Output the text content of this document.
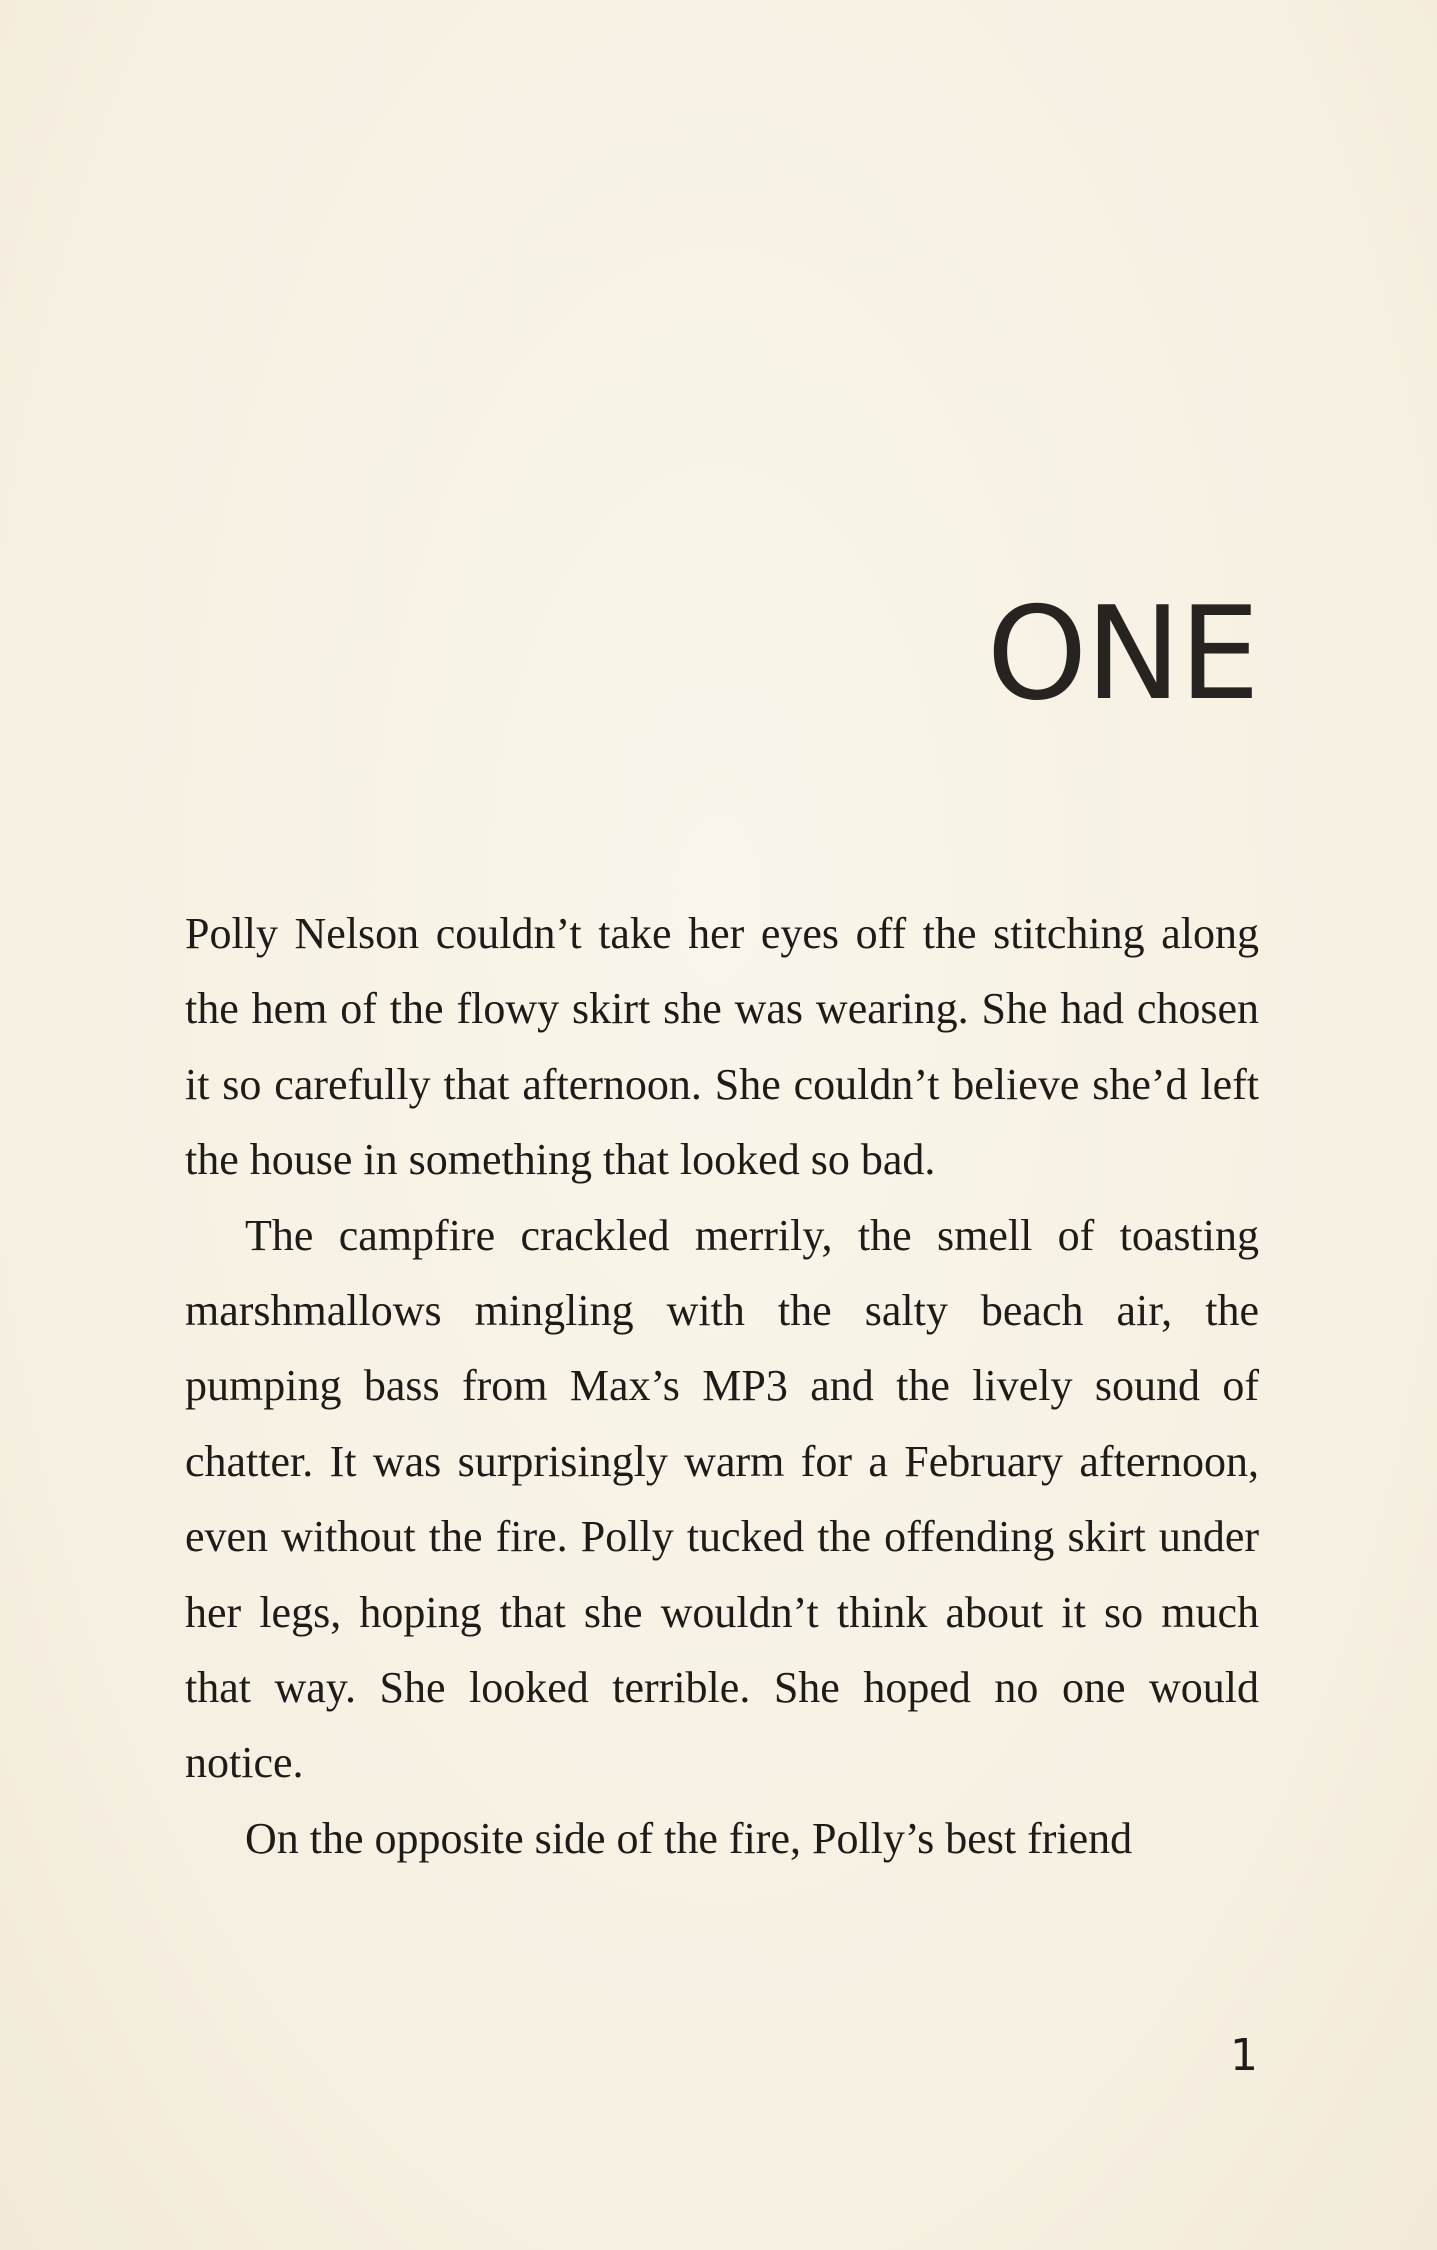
ONE

Polly Nelson couldn’t take her eyes off the stitching along the hem of the flowy skirt she was wearing. She had chosen it so carefully that afternoon. She couldn’t believe she’d left the house in something that looked so bad.

The campfire crackled merrily, the smell of toasting marshmallows mingling with the salty beach air, the pumping bass from Max’s MP3 and the lively sound of chatter. It was surprisingly warm for a February afternoon, even without the fire. Polly tucked the offending skirt under her legs, hoping that she wouldn’t think about it so much that way. She looked terrible. She hoped no one would notice.

On the opposite side of the fire, Polly’s best friend

1
